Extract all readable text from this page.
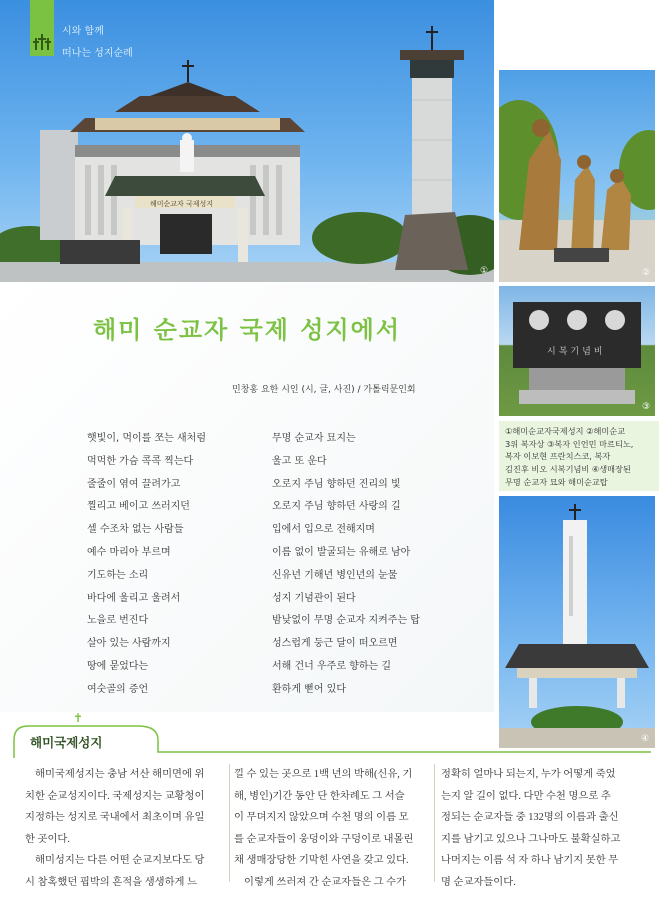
해미순교자 국제성지
①
시와 함께
떠나는 성지순례
②
시복기념비
③
①해미순교자국제성지 ②해미순교
3위 복자상 ③복자 인언민 마르티노,
복자 이보현 프란치스코, 복자
김진후 비오 시복기념비 ④생매장된
무명 순교자 묘와 해미순교탑
④
해미 순교자 국제 성지에서
민창홍 요한 시인 (시, 글, 사진) / 가톨릭문인회
햇빛이, 먹이를 쪼는 새처럼
먹먹한 가슴 콕콕 찍는다
줄줄이 엮여 끌려가고
찔리고 베이고 쓰러지던
셀 수조차 없는 사람들
예수 마리아 부르며
기도하는 소리
바다에 울리고 울려서
노을로 번진다
살아 있는 사람까지
땅에 묻었다는
여숫골의 증언
무명 순교자 묘지는
울고 또 운다
오로지 주님 향하던 진리의 빛
오로지 주님 향하던 사랑의 길
입에서 입으로 전해지며
이름 없이 발굴되는 유해로 남아
신유년 기해년 병인년의 눈물
성지 기념관이 된다
밤낮없이 무명 순교자 지켜주는 탑
성스럽게 둥근 달이 떠오르면
서해 건너 우주로 향하는 길
환하게 뻗어 있다
✝
해미국제성지
해미국제성지는 충남 서산 해미면에 위
치한 순교성지이다. 국제성지는 교황청이
지정하는 성지로 국내에서 최초이며 유일
한 곳이다.
해미성지는 다른 어떤 순교지보다도 당
시 참혹했던 핍박의 흔적을 생생하게 느
낄 수 있는 곳으로 1백 년의 박해(신유, 기
해, 병인)기간 동안 단 한차례도 그 서슬
이 무뎌지지 않았으며 수천 명의 이름 모
를 순교자들이 웅덩이와 구덩이로 내몰린
채 생매장당한 기막힌 사연을 갖고 있다.
이렇게 쓰러져 간 순교자들은 그 수가
정확히 얼마나 되는지, 누가 어떻게 죽었
는지 알 길이 없다. 다만 수천 명으로 추
정되는 순교자들 중 132명의 이름과 출신
지를 남기고 있으나 그나마도 불확실하고
나머지는 이름 석 자 하나 남기지 못한 무
명 순교자들이다.
